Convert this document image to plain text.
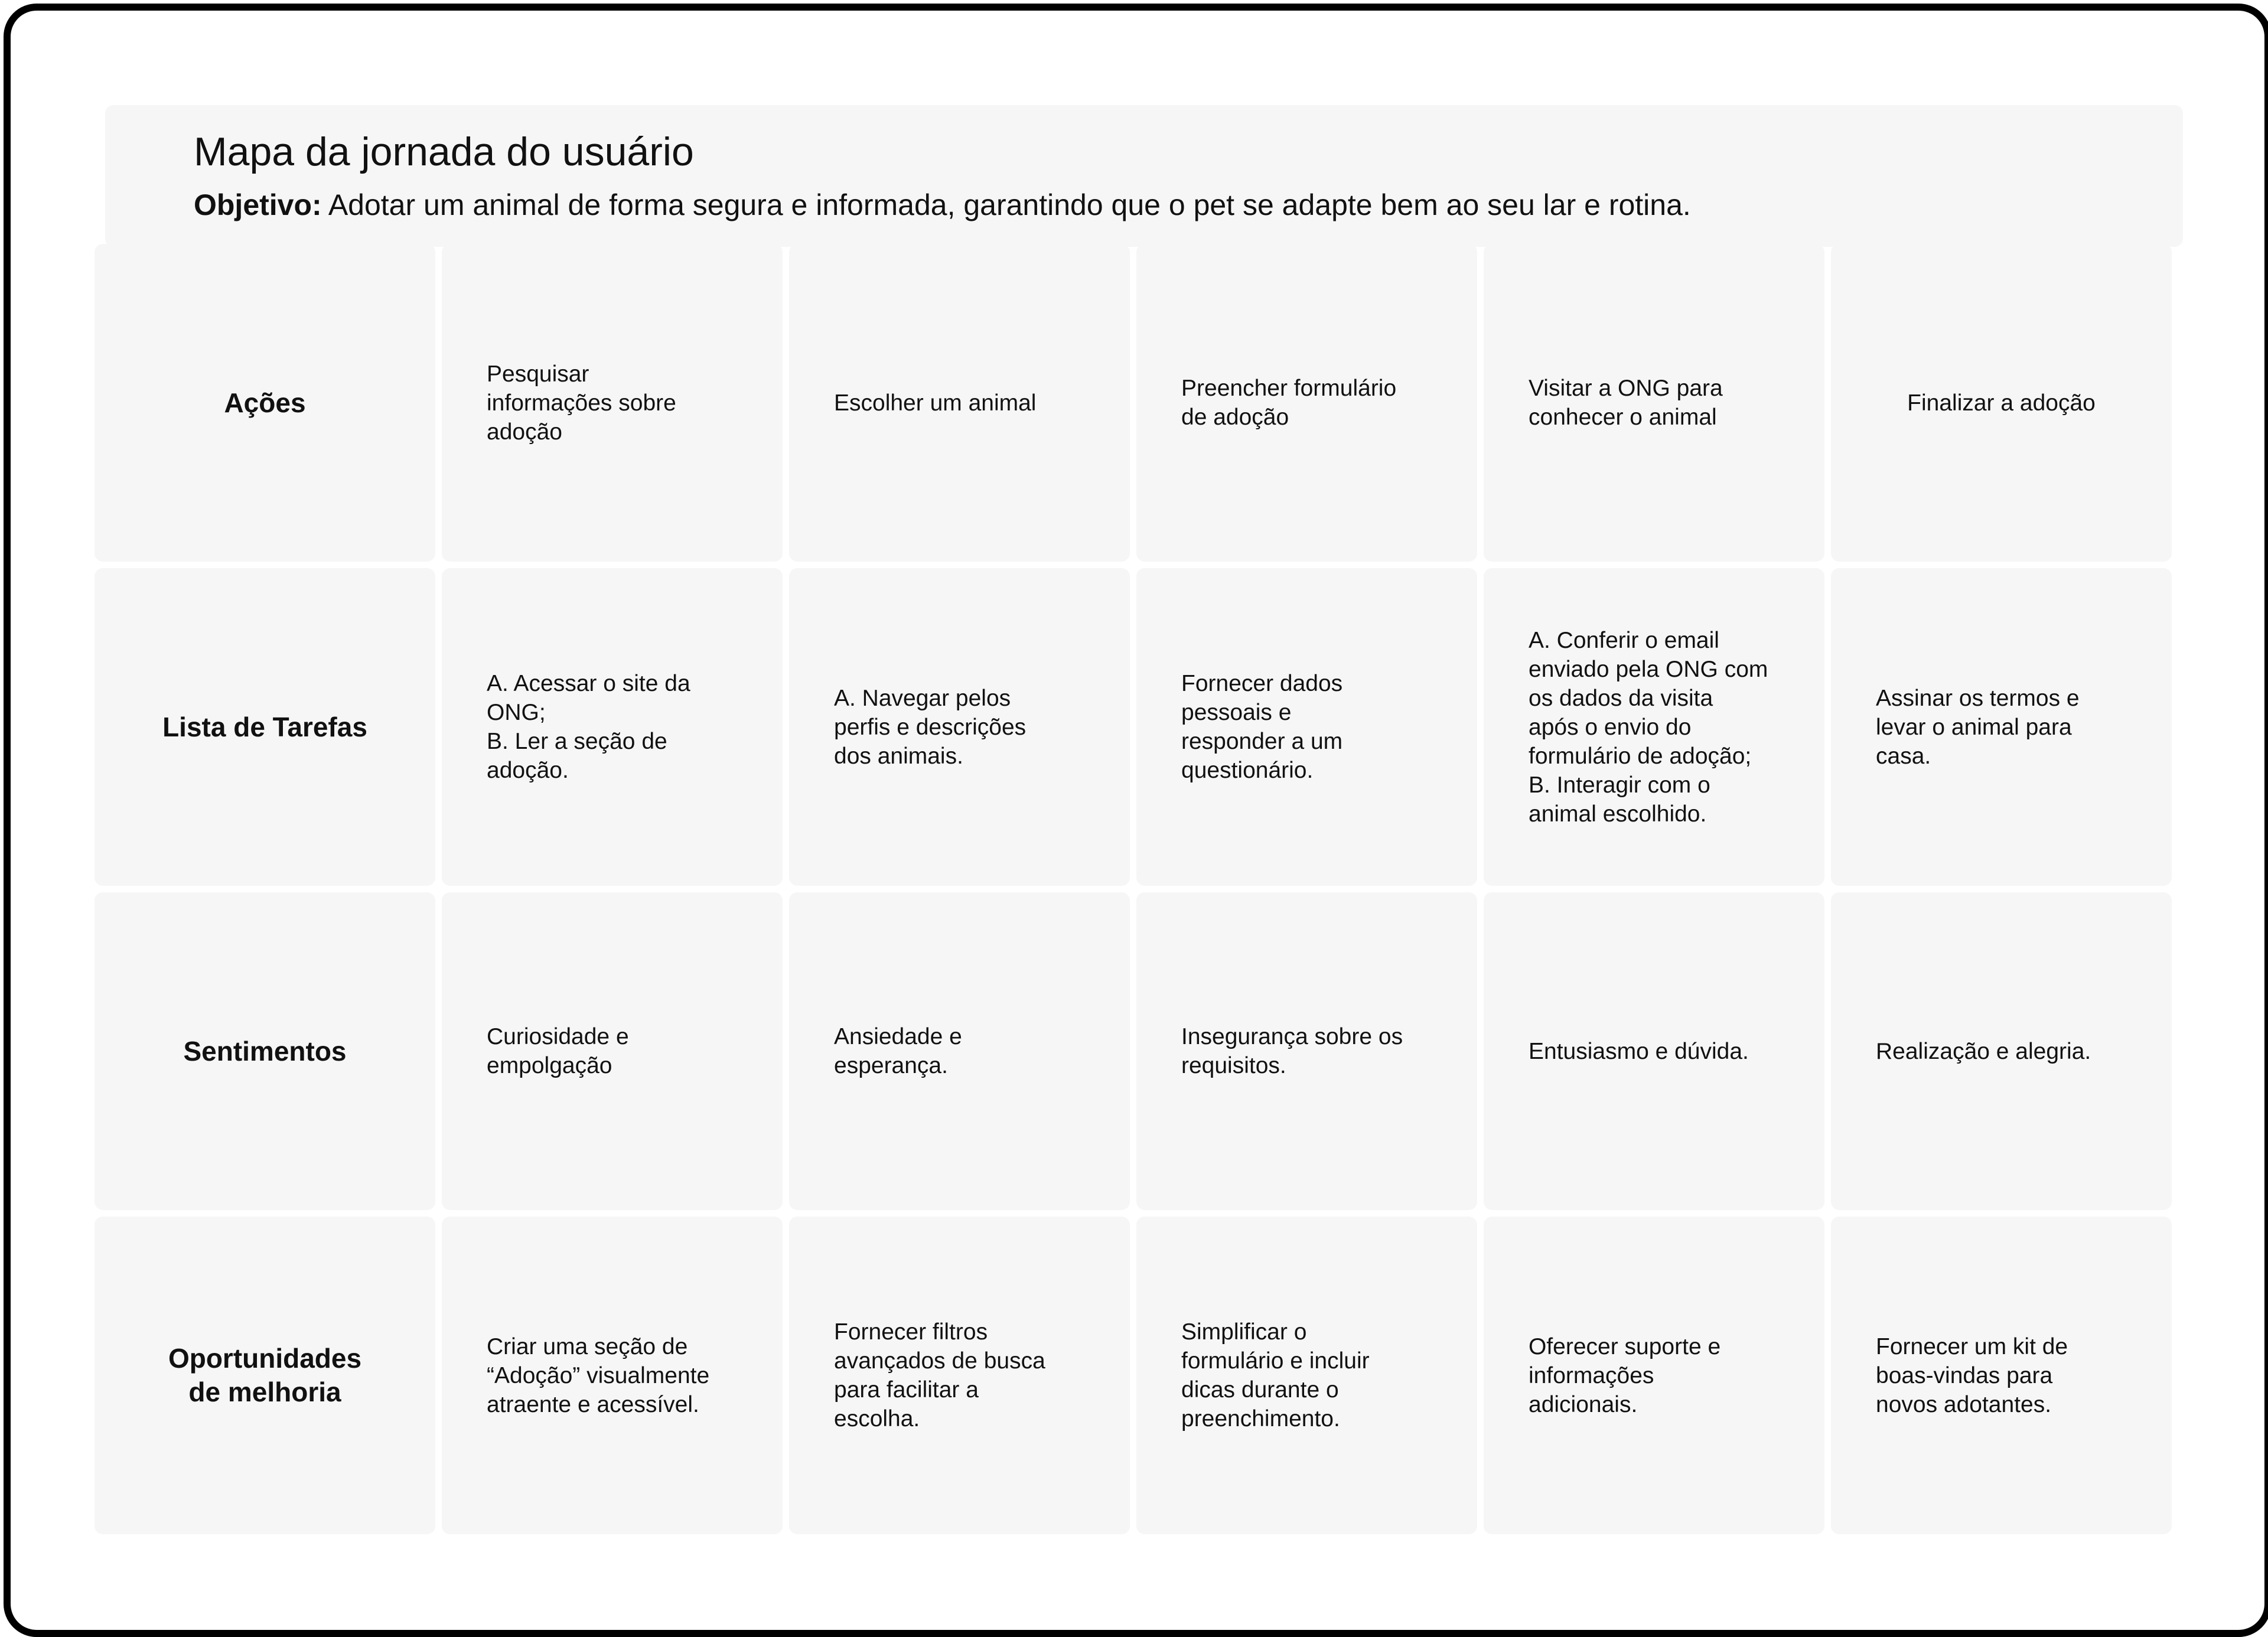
Mapa da jornada do usuário
Objetivo: Adotar um animal de forma segura e informada, garantindo que o pet se adapte bem ao seu lar e rotina.
Ações
Pesquisar
informações sobre
adoção
Escolher um animal
Preencher formulário
de adoção
Visitar a ONG para
conhecer o animal
Finalizar a adoção
Lista de Tarefas
A. Acessar o site da
ONG;
B. Ler a seção de
adoção.
A. Navegar pelos
perfis e descrições
dos animais.
Fornecer dados
pessoais e
responder a um
questionário.
A. Conferir o email
enviado pela ONG com
os dados da visita
após o envio do
formulário de adoção;
B. Interagir com o
animal escolhido.
Assinar os termos e
levar o animal para
casa.
Sentimentos	Curiosidade e
empolgação
Ansiedade e
esperança.
Insegurança sobre os
requisitos.
Entusiasmo e dúvida.	Realização e alegria.
Oportunidades
de melhoria
Criar uma seção de
“Adoção” visualmente
atraente e acessível.
Fornecer filtros
avançados de busca
para facilitar a
escolha.
Simplificar o
formulário e incluir
dicas durante o
preenchimento.
Oferecer suporte e
informações
adicionais.
Fornecer um kit de
boas-vindas para
novos adotantes.
